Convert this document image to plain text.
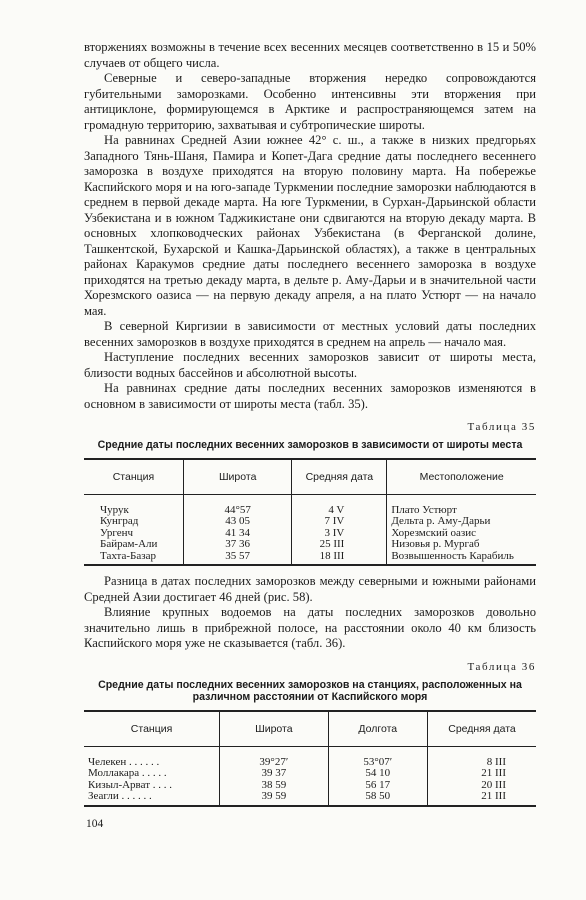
вторжениях возможны в течение всех весенних месяцев соответственно в 15 и 50% случаев от общего числа.

Северные и северо-западные вторжения нередко сопровождаются губительными заморозками. Особенно интенсивны эти вторжения при антициклоне, формирующемся в Арктике и распространяющемся затем на громадную территорию, захватывая и субтропические широты.

На равнинах Средней Азии южнее 42° с. ш., а также в низких предгорьях Западного Тянь-Шаня, Памира и Копет-Дага средние даты последнего весеннего заморозка в воздухе приходятся на вторую половину марта. На побережье Каспийского моря и на юго-западе Туркмении последние заморозки наблюдаются в среднем в первой декаде марта. На юге Туркмении, в Сурхан-Дарьинской области Узбекистана и в южном Таджикистане они сдвигаются на вторую декаду марта. В основных хлопководческих районах Узбекистана (в Ферганской долине, Ташкентской, Бухарской и Кашка-Дарьинской областях), а также в центральных районах Каракумов средние даты последнего весеннего заморозка в воздухе приходятся на третью декаду марта, в дельте р. Аму-Дарьи и в значительной части Хорезмского оазиса — на первую декаду апреля, а на плато Устюрт — на начало мая.

В северной Киргизии в зависимости от местных условий даты последних весенних заморозков в воздухе приходятся в среднем на апрель — начало мая.

Наступление последних весенних заморозков зависит от широты места, близости водных бассейнов и абсолютной высоты.

На равнинах средние даты последних весенних заморозков изменяются в основном в зависимости от широты места (табл. 35).

Таблица 35
Средние даты последних весенних заморозков в зависимости от широты места
Станция	Широта	Средняя дата	Местоположение
Чурук	44°57	4 V	Плато Устюрт
Кунград	43 05	7 IV	Дельта р. Аму-Дарьи
Ургенч	41 34	3 IV	Хорезмский оазис
Байрам-Али	37 36	25 III	Низовья р. Мургаб
Тахта-Базар	35 57	18 III	Возвышенность Карабиль

Разница в датах последних заморозков между северными и южными районами Средней Азии достигает 46 дней (рис. 58).

Влияние крупных водоемов на даты последних заморозков довольно значительно лишь в прибрежной полосе, на расстоянии около 40 км близость Каспийского моря уже не сказывается (табл. 36).

Таблица 36
Средние даты последних весенних заморозков на станциях, расположенных на различном расстоянии от Каспийского моря
Станция	Широта	Долгота	Средняя дата
Челекен . . . . . .	39°27′	53°07′	8 III
Моллакара . . . . .	39 37	54 10	21 III
Кизыл-Арват . . . .	38 59	56 17	20 III
Зеагли . . . . . .	39 59	58 50	21 III
104
